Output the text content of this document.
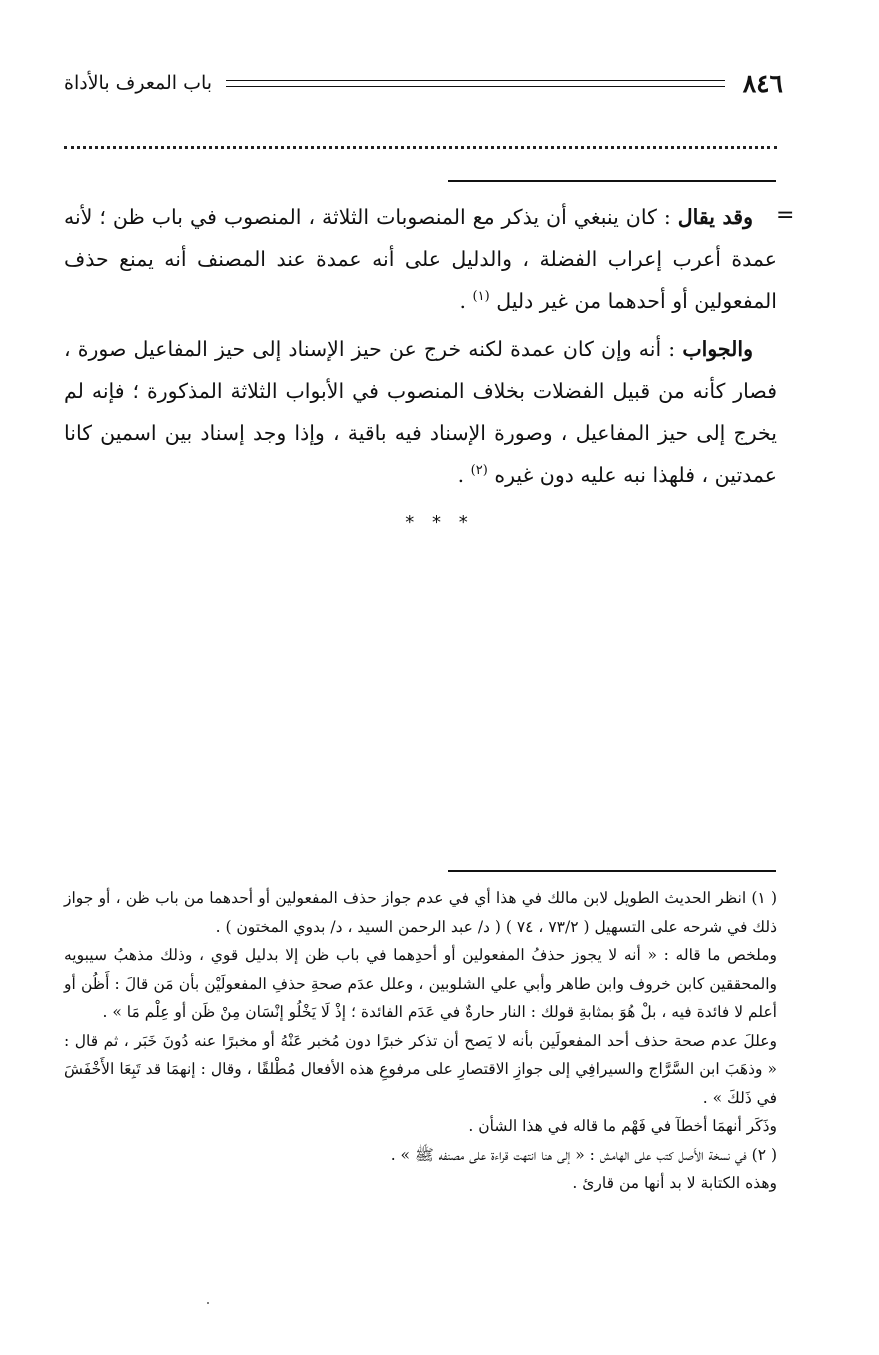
٨٤٦
باب المعرف بالأداة
=

وقد يقال : كان ينبغي أن يذكر مع المنصوبات الثلاثة ، المنصوب في باب ظن ؛ لأنه عمدة أعرب إعراب الفضلة ، والدليل على أنه عمدة عند المصنف أنه يمنع حذف المفعولين أو أحدهما من غير دليل $^{(١)}$ .

والجواب : أنه وإن كان عمدة لكنه خرج عن حيز الإسناد إلى حيز المفاعيل صورة ، فصار كأنه من قبيل الفضلات بخلاف المنصوب في الأبواب الثلاثة المذكورة ؛ فإنه لم يخرج إلى حيز المفاعيل ، وصورة الإسناد فيه باقية ، وإذا وجد إسناد بين اسمين كانا عمدتين ، فلهذا نبه عليه دون غيره $^{(٢)}$ .

* * *

( ١) انظر الحديث الطويل لابن مالك في هذا أي في عدم جواز حذف المفعولين أو أحدهما من باب ظن ، أو جواز ذلك في شرحه على التسهيل ( ٧٣/٢ ، ٧٤ ) ( د/ عبد الرحمن السيد ، د/ بدوي المختون ) .

وملخص ما قاله : « أنه لا يجوز حذفُ المفعولين أو أحدِهما في باب ظن إلا بدليل قوي ، وذلك مذهبُ سيبويه والمحققين كابن خروف وابن طاهر وأبي علي الشلوبين ، وعلل عدَم صحةِ حذفِ المفعولَيْن بأن مَن قالَ : أَظُن أو أعلم لا فائدة فيه ، بلْ هُوَ بمثابةِ قولك : النار حارةٌ في عَدَم الفائدة ؛ إذْ لَا يَخْلُو إنْسَان مِنْ ظَن أو عِلْم مَا » .

وعللَ عدم صحة حذف أحد المفعولَين بأنه لا يَصح أن تذكر خبرًا دون مُخبر عَنْهُ أو مخبرًا عنه دُونَ خَبَر ، ثم قال : « وذهَبَ ابن السَّرَّاج والسيرافِي إلى جوازِ الاقتصارِ على مرفوعِ هذه الأفعال مُطْلقًا ، وقال : إنهمَا قد تَبِعَا الأَخْفَشَ في ذَلكَ » .

وذَكَر أنهمَا أخطآ في فَهْم ما قاله في هذا الشأن .

( ٢) في نسخة الأَصل كتب على الهامش : « إلى هنا انتهت قراءة على مصنفه ﷺ » .

وهذه الكتابة لا بد أنها من قارئ .
